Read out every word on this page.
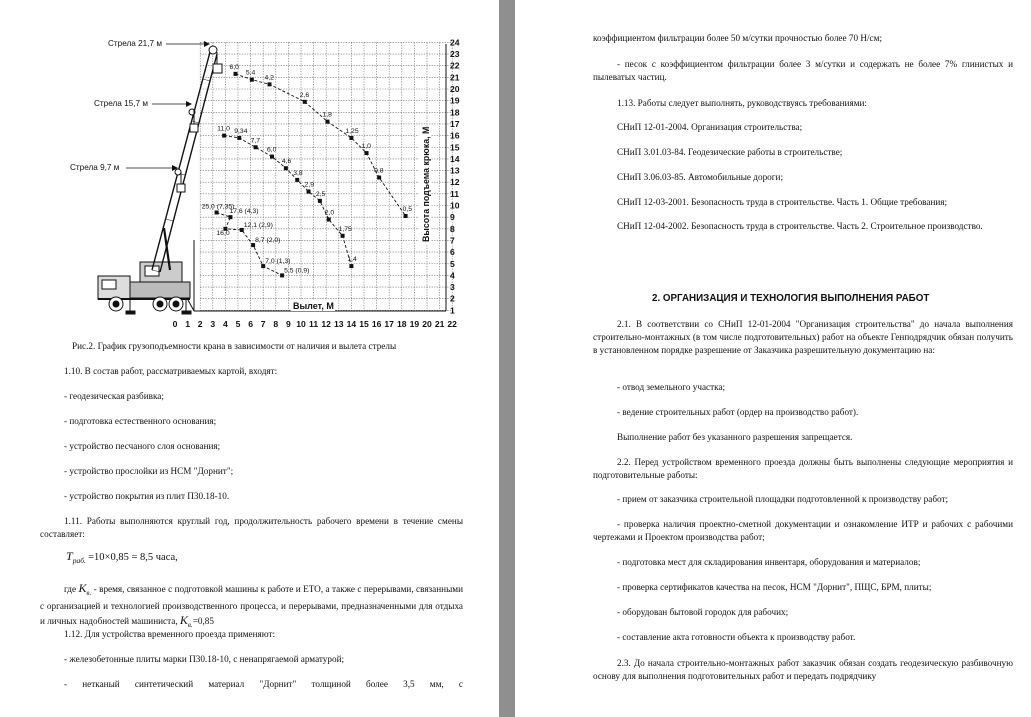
0 1 2 3 4 5 6 7 8 9 10 11 12 13 14 15 16 17 18 19 20 21 22
1
2
3
4
5
6
7
8
9
10
11
12
13
14
15
16
17
18
19
20
21
22
23
24
Стрела 21,7 м
Стрела 15,7 м
Стрела 9,7 м
6,0
5,4
4,2
2,6
1,8
1,25
1,0
0,8
0,5
11,0 9,34
7,7
6,0
4,6
3,8
2,9
2,5
2,0
1,75
1,4
25,0 (7,35)
17,6 (4,3)
16,0
12,1 (2,9)
8,7 (2,0)
7,0 (1,3)
5,5 (0,9)
Вылет, М
Высота подъема крюка, М
Рис.2. График грузоподъемности крана в зависимости от наличия и вылета стрелы
1.10. В состав работ, рассматриваемых картой, входят:
- геодезическая разбивка;
- подготовка естественного основания;
- устройство песчаного слоя основания;
- устройство прослойки из НСМ "Дорнит";
- устройство покрытия из плит П30.18-10.
1.11. Работы выполняются круглый год, продолжительность рабочего времени в течение смены составляет:
$T_{раб.} =10\times 0,85 = 8,5$ часа,
где $К_{в.}$ - время, связанное с подготовкой машины к работе и ЕТО, а также с перерывами, связанными с организацией и технологией производственного процесса, и перерывами, предназначенными для отдыха и личных надобностей машиниста, $К_{в.}=0,85$
1.12. Для устройства временного проезда применяют:
- железобетонные плиты марки П30.18-10, с ненапрягаемой арматурой;
- нетканый синтетический материал "Дорнит" толщиной более 3,5 мм, с
коэффициентом фильтрации более 50 м/сутки прочностью более 70 Н/см;
- песок с коэффициентом фильтрации более 3 м/сутки и содержать не более 7% глинистых и пылеватых частиц.
1.13. Работы следует выполнять, руководствуясь требованиями:
СНиП 12-01-2004. Организация строительства;
СНиП 3.01.03-84. Геодезические работы в строительстве;
СНиП 3.06.03-85. Автомобильные дороги;
СНиП 12-03-2001. Безопасность труда в строительстве. Часть 1. Общие требования;
СНиП 12-04-2002. Безопасность труда в строительстве. Часть 2. Строительное производство.
2. ОРГАНИЗАЦИЯ И ТЕХНОЛОГИЯ ВЫПОЛНЕНИЯ РАБОТ
2.1. В соответствии со СНиП 12-01-2004 "Организация строительства" до начала выполнения строительно-монтажных (в том числе подготовительных) работ на объекте Генподрядчик обязан получить в установленном порядке разрешение от Заказчика разрешительную документацию на:
- отвод земельного участка;
- ведение строительных работ (ордер на производство работ).
Выполнение работ без указанного разрешения запрещается.
2.2. Перед устройством временного проезда должны быть выполнены следующие мероприятия и подготовительные работы:
- прием от заказчика строительной площадки подготовленной к производству работ;
- проверка наличия проектно-сметной документации и ознакомление ИТР и рабочих с рабочими чертежами и Проектом производства работ;
- подготовка мест для складирования инвентаря, оборудования и материалов;
- проверка сертификатов качества на песок, НСМ "Дорнит", ПЩС, БРМ, плиты;
- оборудован бытовой городок для рабочих;
- составление акта готовности объекта к производству работ.
2.3. До начала строительно-монтажных работ заказчик обязан создать геодезическую разбивочную основу для выполнения подготовительных работ и передать подрядчику
